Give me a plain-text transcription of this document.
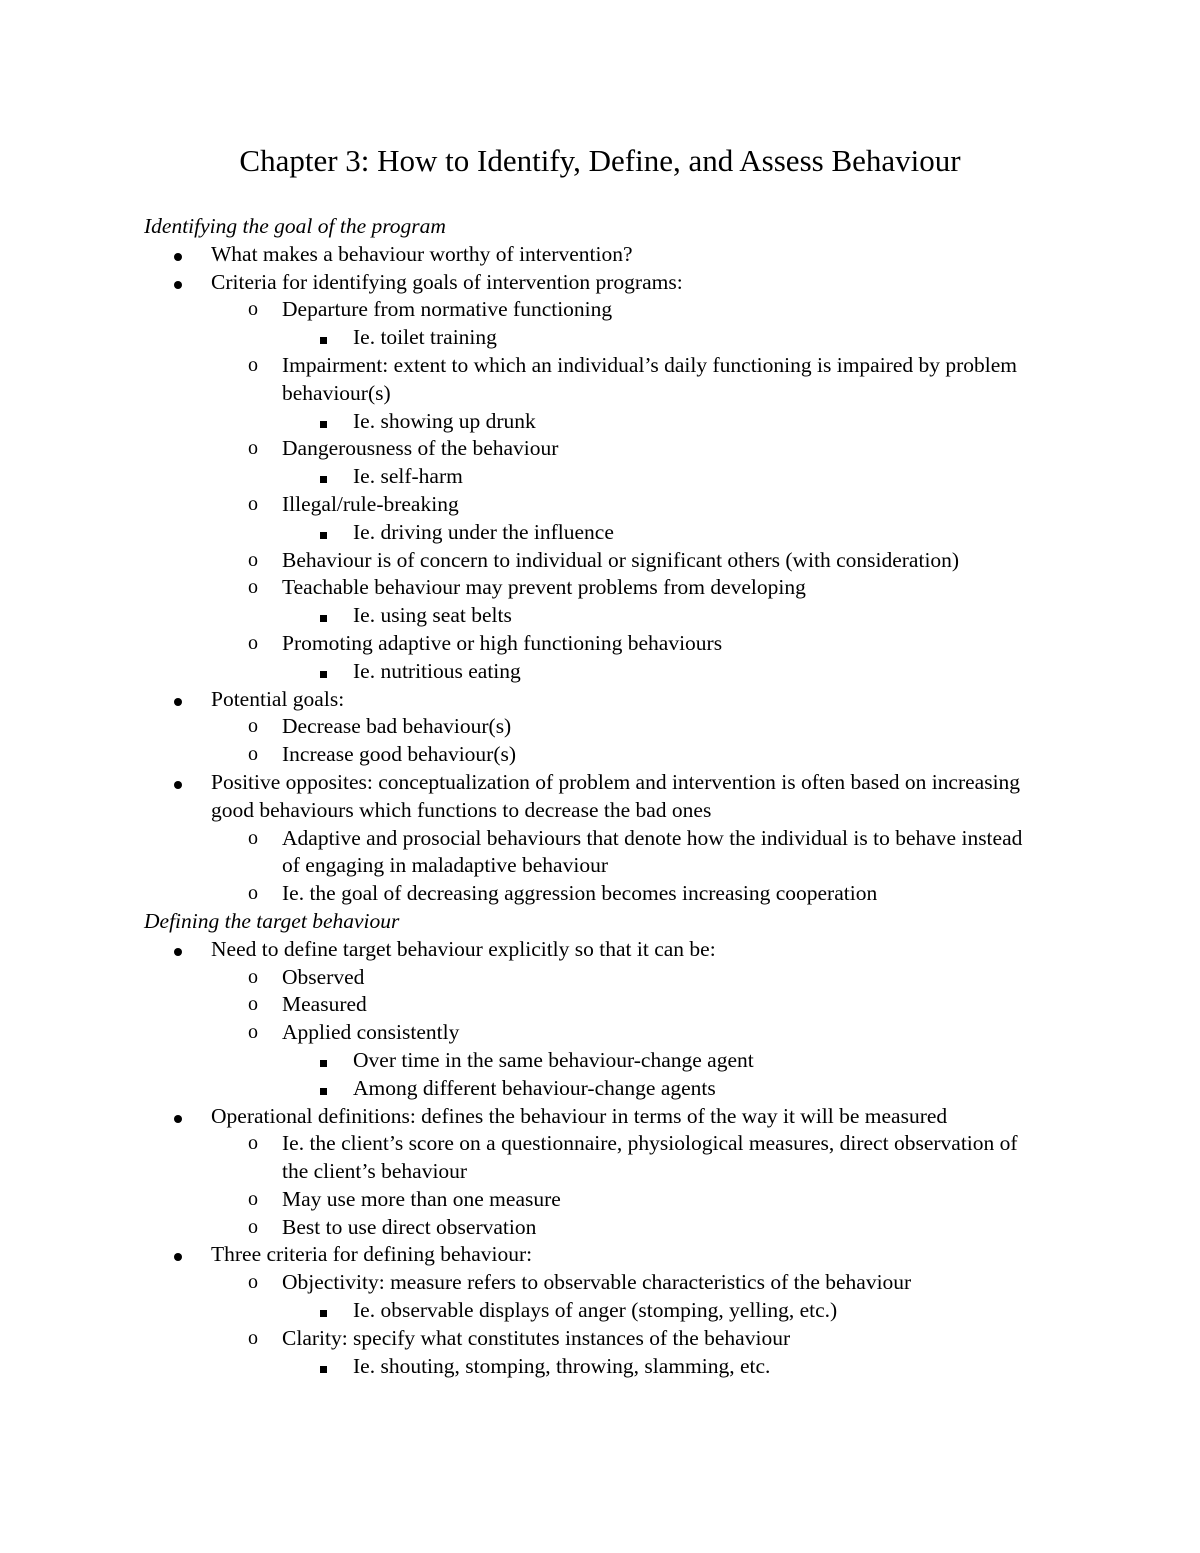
Chapter 3: How to Identify, Define, and Assess Behaviour
Identifying the goal of the program
What makes a behaviour worthy of intervention?
Criteria for identifying goals of intervention programs:
o Departure from normative functioning
Ie. toilet training
o Impairment: extent to which an individual’s daily functioning is impaired by problem behaviour(s)
Ie. showing up drunk
o Dangerousness of the behaviour
Ie. self-harm
o Illegal/rule-breaking
Ie. driving under the influence
o Behaviour is of concern to individual or significant others (with consideration)
o Teachable behaviour may prevent problems from developing
Ie. using seat belts
o Promoting adaptive or high functioning behaviours
Ie. nutritious eating
Potential goals:
o Decrease bad behaviour(s)
o Increase good behaviour(s)
Positive opposites: conceptualization of problem and intervention is often based on increasing good behaviours which functions to decrease the bad ones
o Adaptive and prosocial behaviours that denote how the individual is to behave instead of engaging in maladaptive behaviour
o Ie. the goal of decreasing aggression becomes increasing cooperation
Defining the target behaviour
Need to define target behaviour explicitly so that it can be:
o Observed
o Measured
o Applied consistently
Over time in the same behaviour-change agent
Among different behaviour-change agents
Operational definitions: defines the behaviour in terms of the way it will be measured
o Ie. the client’s score on a questionnaire, physiological measures, direct observation of the client’s behaviour
o May use more than one measure
o Best to use direct observation
Three criteria for defining behaviour:
o Objectivity: measure refers to observable characteristics of the behaviour
Ie. observable displays of anger (stomping, yelling, etc.)
o Clarity: specify what constitutes instances of the behaviour
Ie. shouting, stomping, throwing, slamming, etc.
